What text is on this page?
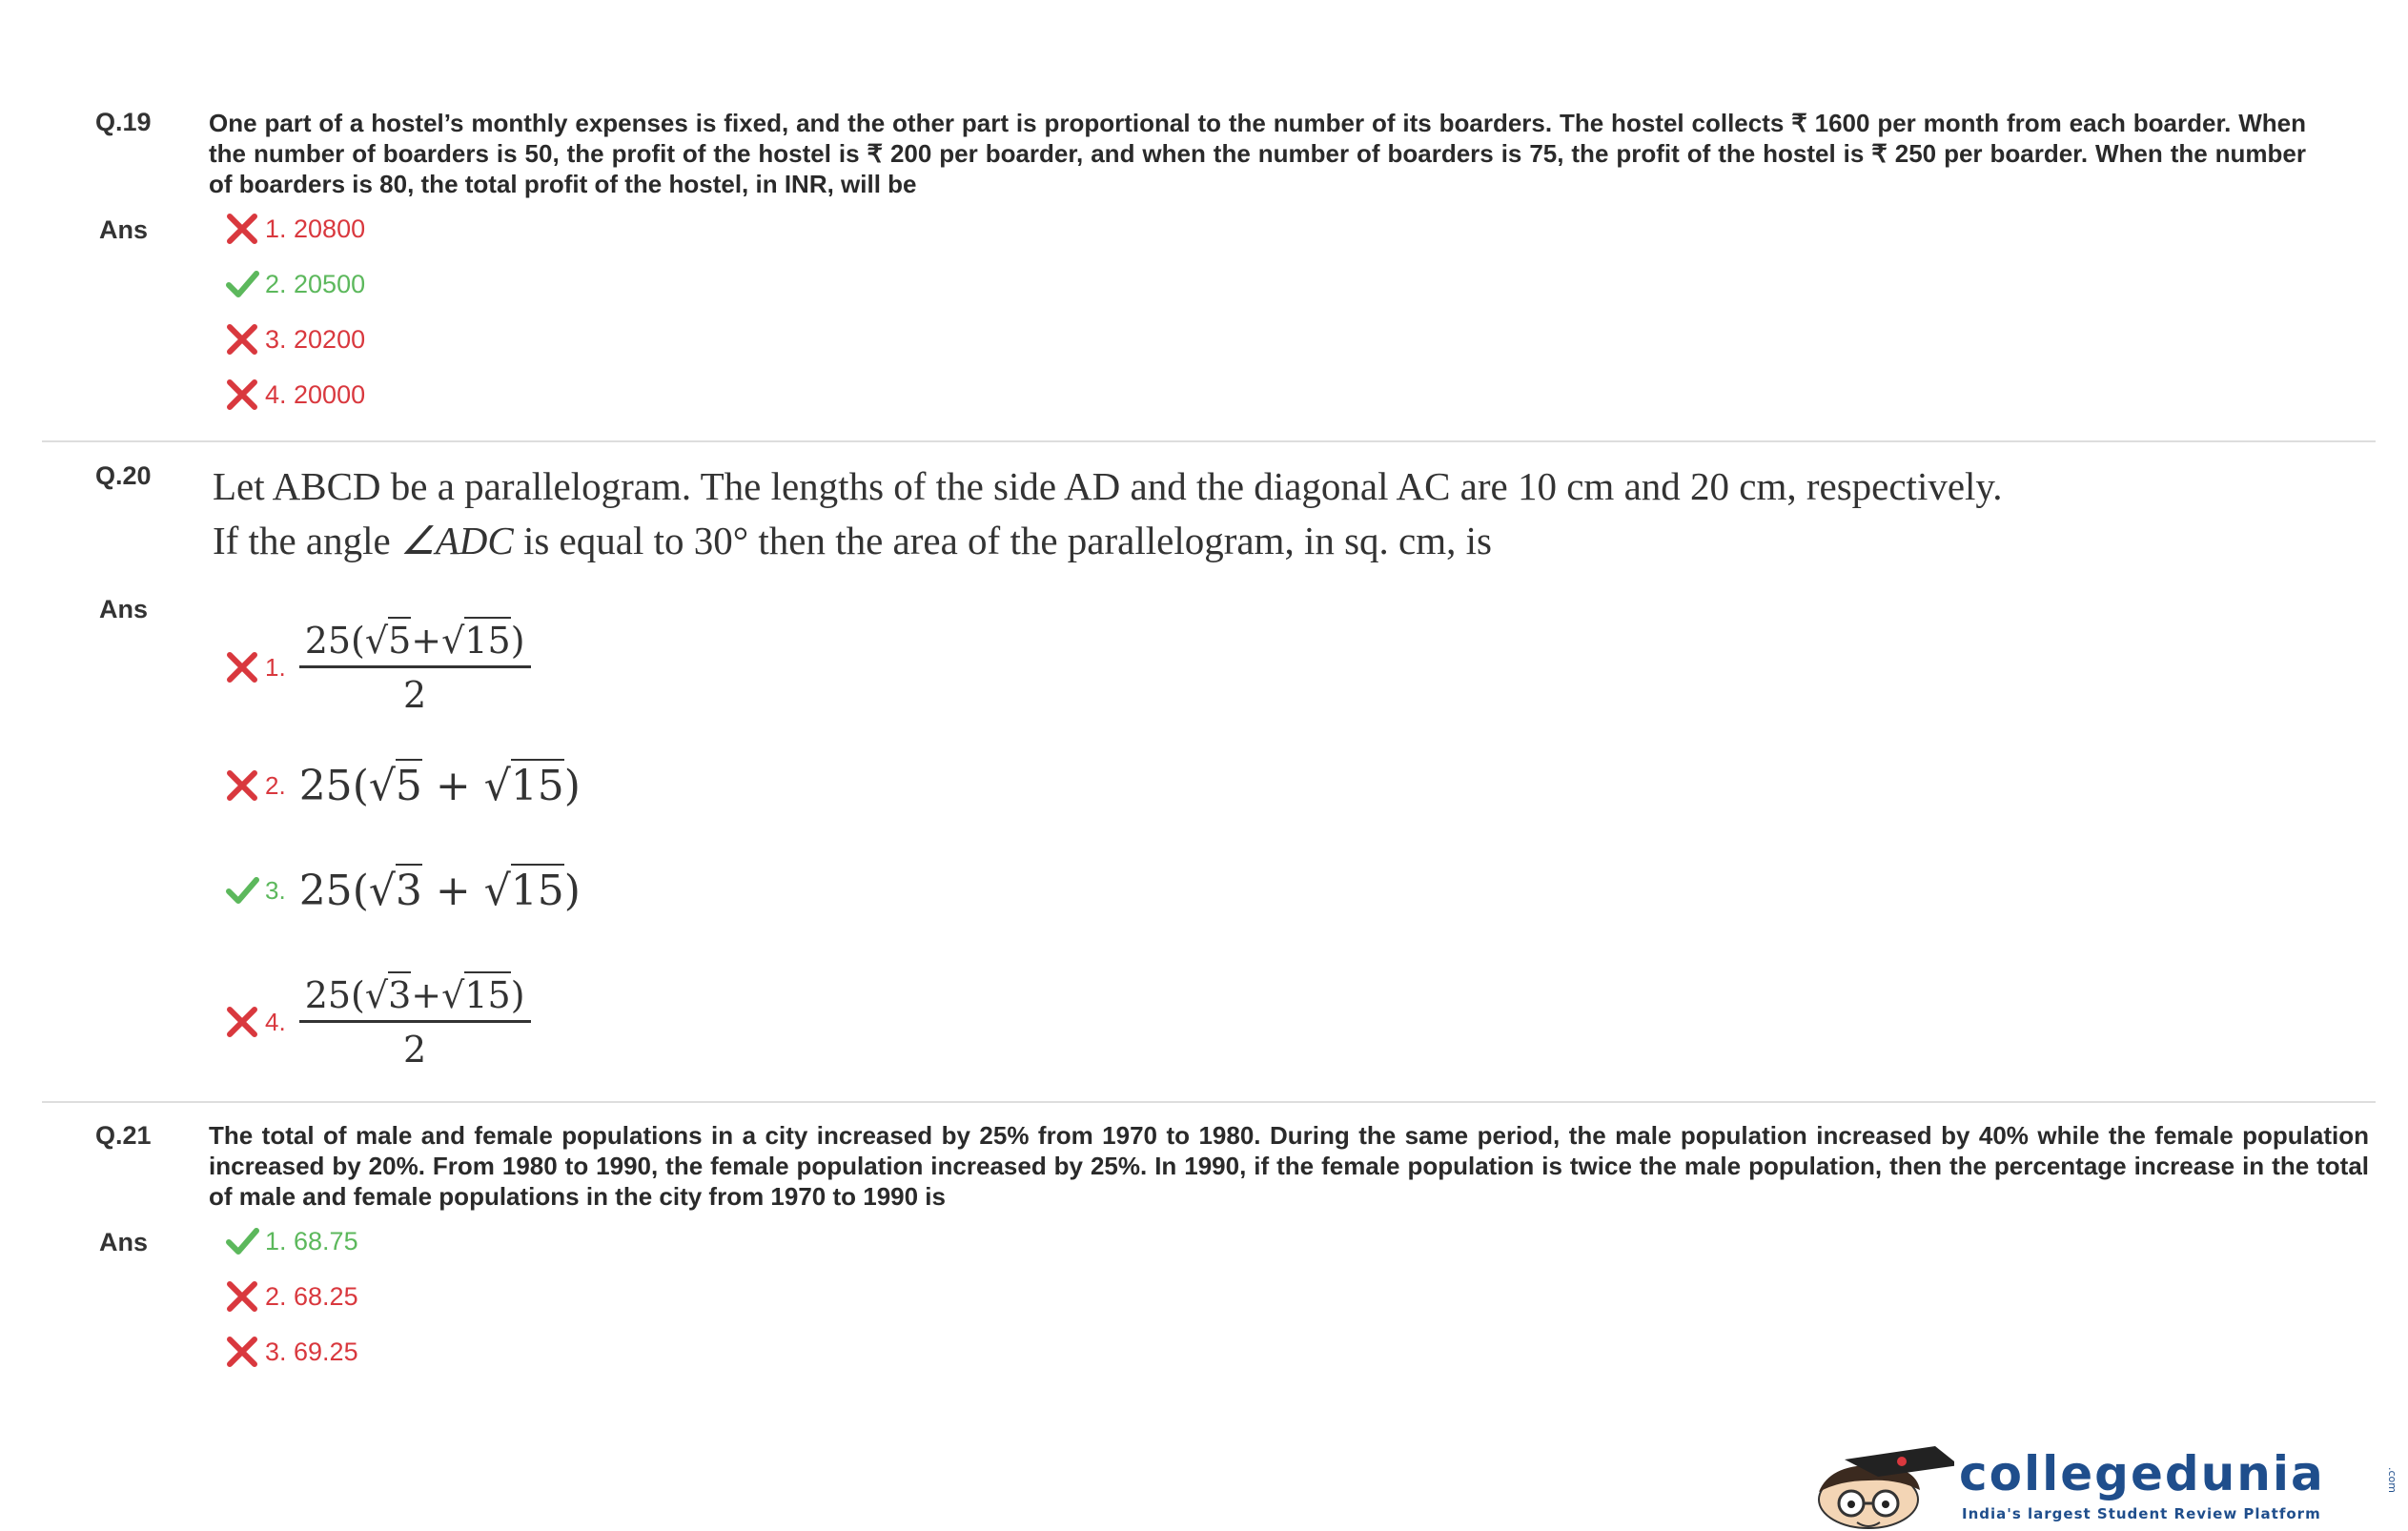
Q.19 One part of a hostel’s monthly expenses is fixed, and the other part is proportional to the number of its boarders. The hostel collects ₹ 1600 per month from each boarder. When the number of boarders is 50, the profit of the hostel is ₹ 200 per boarder, and when the number of boarders is 75, the profit of the hostel is ₹ 250 per boarder. When the number of boarders is 80, the total profit of the hostel, in INR, will be
Ans	1. 20800
2. 20500
3. 20200
4. 20000
Q.20 Let ABCD be a parallelogram. The lengths of the side AD and the diagonal AC are 10 cm and 20 cm, respectively.
If the angle ∠ADC is equal to 30° then the area of the parallelogram, in sq. cm, is
Ans
1. $\frac{25(√5+√15)}{2}$
2. 25(√5 + √15)
3. 25(√3 + √15)
4. $\frac{25(√3+√15)}{2}$
Q.21 The total of male and female populations in a city increased by 25% from 1970 to 1980. During the same period, the male population increased by 40% while the female population increased by 20%. From 1980 to 1990, the female population increased by 25%. In 1990, if the female population is twice the male population, then the percentage increase in the total of male and female populations in the city from 1970 to 1990 is
Ans	1. 68.75
2. 68.25
3. 69.25
collegedunia	.com
India's largest Student Review Platform
